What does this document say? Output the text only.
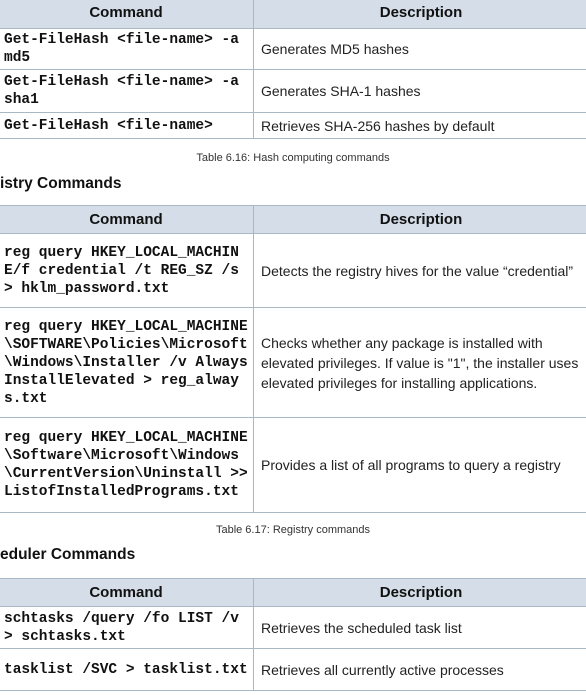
Command	Description
Get-FileHash <file-name> -a md5	Generates MD5 hashes
Get-FileHash <file-name> -a sha1	Generates SHA-1 hashes
Get-FileHash <file-name>	Retrieves SHA-256 hashes by default
Table 6.16: Hash computing commands
istry Commands
Command	Description
reg query HKEY_LOCAL_MACHINE/f credential /t REG_SZ /s > hklm_password.txt	Detects the registry hives for the value “credential”
reg query HKEY_LOCAL_MACHINE\SOFTWARE\Policies\Microsoft\Windows\Installer /v AlwaysInstallElevated > reg_always.txt	Checks whether any package is installed with elevated privileges. If value is "1", the installer uses elevated privileges for installing applications.
reg query HKEY_LOCAL_MACHINE\Software\Microsoft\Windows\CurrentVersion\Uninstall >> ListofInstalledPrograms.txt	Provides a list of all programs to query a registry
Table 6.17: Registry commands
eduler Commands
Command	Description
schtasks /query /fo LIST /v > schtasks.txt	Retrieves the scheduled task list
tasklist /SVC > tasklist.txt	Retrieves all currently active processes
